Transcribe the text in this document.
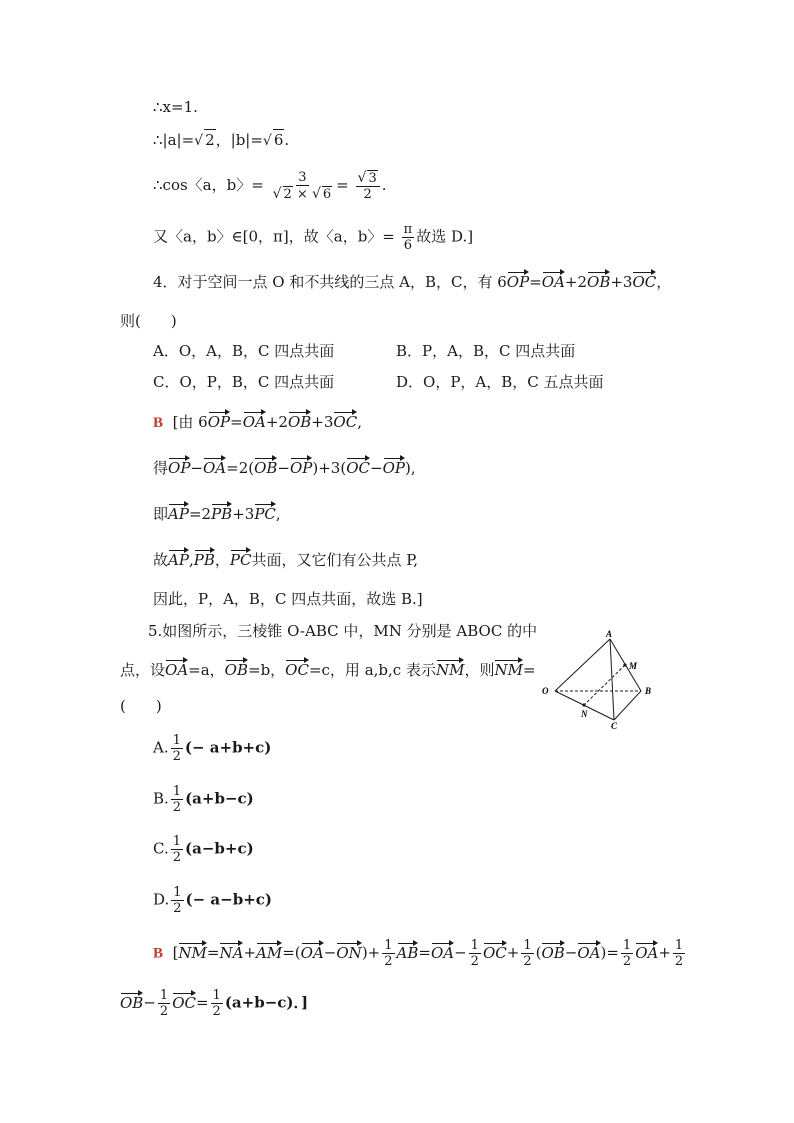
∴x=1.
∴|a|=√ 2，|b|=√ 6.
∴cos〈a，b〉= $\frac{3}{√ 2 \times √ 6} = \frac{√ 3}{2}$ .
又〈a，b〉∈[0，π]，故〈a，b〉= $\frac{\pi}{6}$ 故选 D.]
4．对于空间一点 O 和不共线的三点 A，B，C，有 6OP=OA+2OB+3OC，
则(　　)
A．O，A，B，C 四点共面	B．P，A，B，C 四点共面
C．O，P，B，C 四点共面	D．O，P，A，B，C 五点共面
B [由 6OP=OA+2OB+3OC,
得OP−OA=2(OB−OP)+3(OC−OP),
即AP=2PB+3PC,
故AP,PB，PC共面，又它们有公共点 P,
因此，P，A，B，C 四点共面，故选 B.]
5.如图所示，三棱锥 O-ABC 中，MN 分别是 ABOC 的中
点，设OA=a，OB=b，OC=c，用 a,b,c 表示NM，则NM=
(　　)
A
M
O	B
N
C
A. $\frac{1}{2}$ (− a+b+c)
B. $\frac{1}{2} (a+b-c)$
C. $\frac{1}{2} (a-b+c)$
D. $\frac{1}{2}$ (− a−b+c)
B [$NM=NA+AM=(OA-ON)+ \frac{1}{2} AB=OA- \frac{1}{2} OC+ \frac{1}{2} (OB-OA)= \frac{1}{2} OA+ \frac{1}{2}$
$OB- \frac{1}{2} OC= \frac{1}{2} (a+b-c)$．]
